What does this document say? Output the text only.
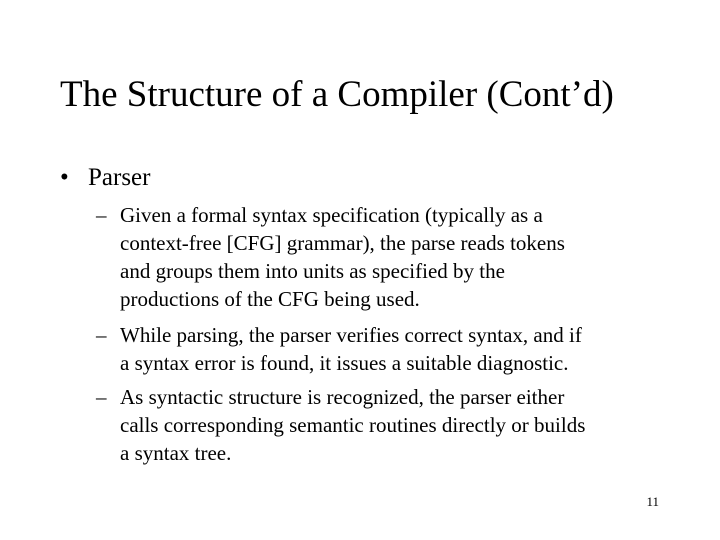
The Structure of a Compiler (Cont’d)
• Parser
– Given a formal syntax specification (typically as a
context-free [CFG] grammar), the parse reads tokens
and groups them into units as specified by the
productions of the CFG being used.
– While parsing, the parser verifies correct syntax, and if
a syntax error is found, it issues a suitable diagnostic.
– As syntactic structure is recognized, the parser either
calls corresponding semantic routines directly or builds
a syntax tree.
11
